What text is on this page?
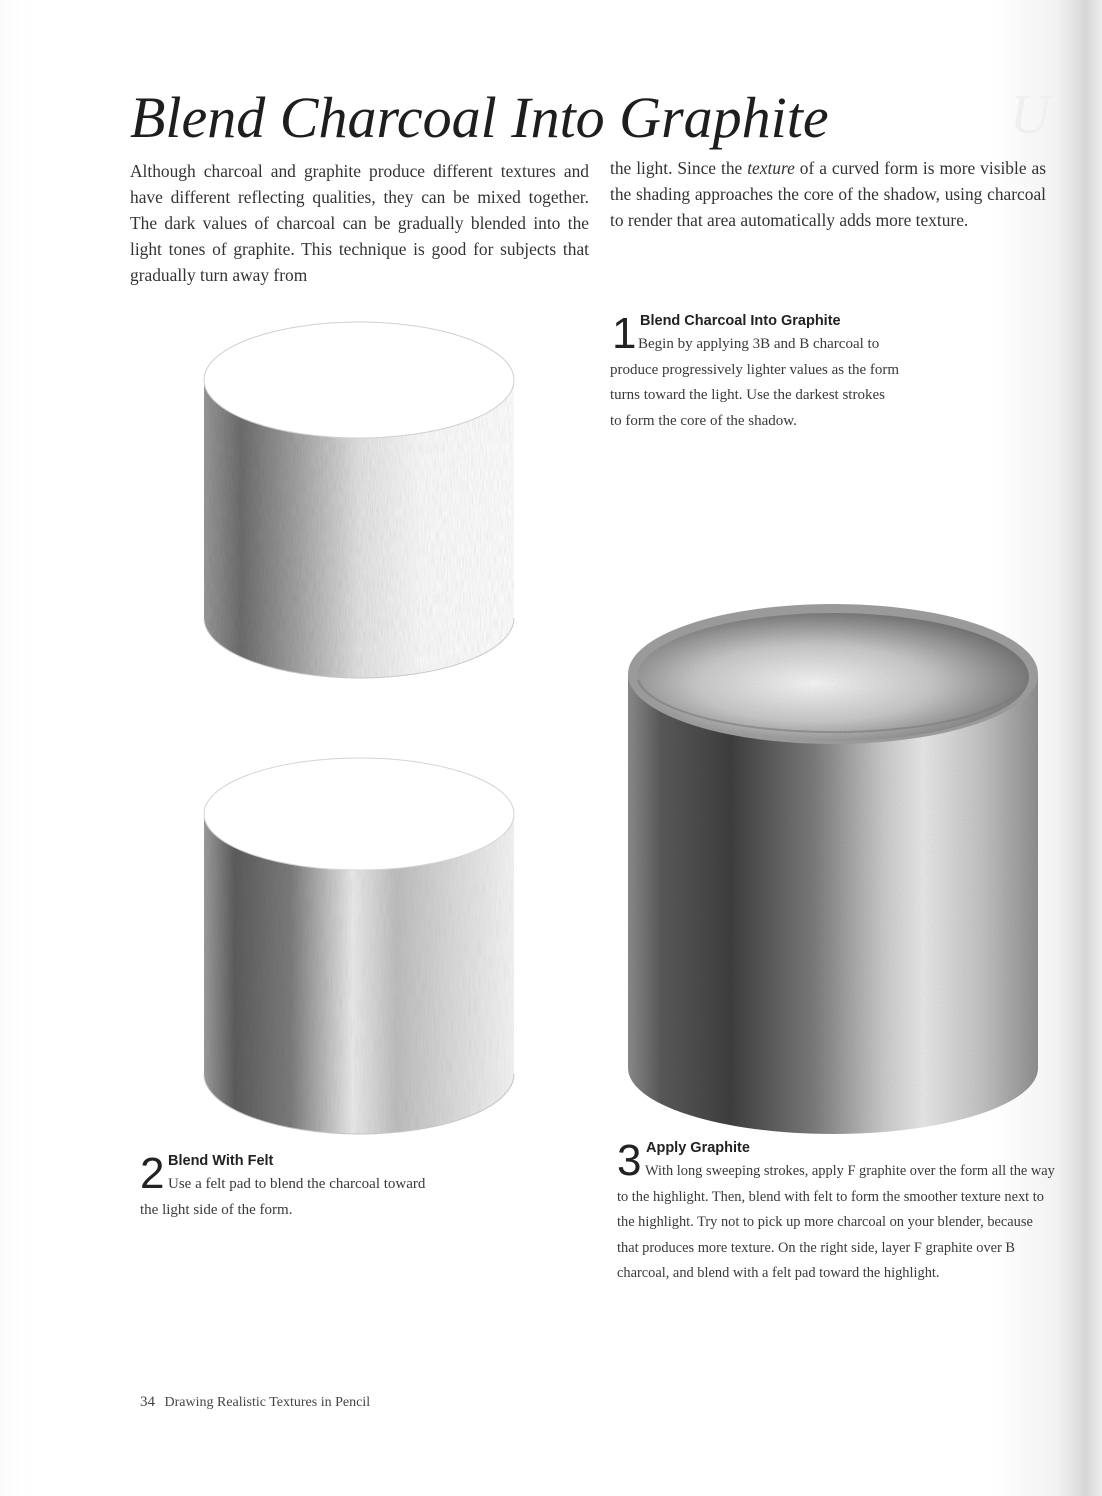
U
Blend Charcoal Into Graphite

Although charcoal and graphite produce different textures and have different reflecting qualities, they can be mixed together. The dark values of charcoal can be gradually blended into the light tones of graphite. This technique is good for subjects that gradually turn away from

the light. Since the texture of a curved form is more visible as the shading approaches the core of the shadow, using charcoal to render that area automatically adds more texture.

1 Blend Charcoal Into Graphite

Begin by applying 3B and B charcoal to produce progressively lighter values as the form turns toward the light. Use the darkest strokes to form the core of the shadow.

2 Blend With Felt

Use a felt pad to blend the charcoal toward the light side of the form.

3 Apply Graphite

With long sweeping strokes, apply F graphite over the form all the way to the highlight. Then, blend with felt to form the smoother texture next to the highlight. Try not to pick up more charcoal on your blender, because that produces more texture. On the right side, layer F graphite over B charcoal, and blend with a felt pad toward the highlight.

34 Drawing Realistic Textures in Pencil
